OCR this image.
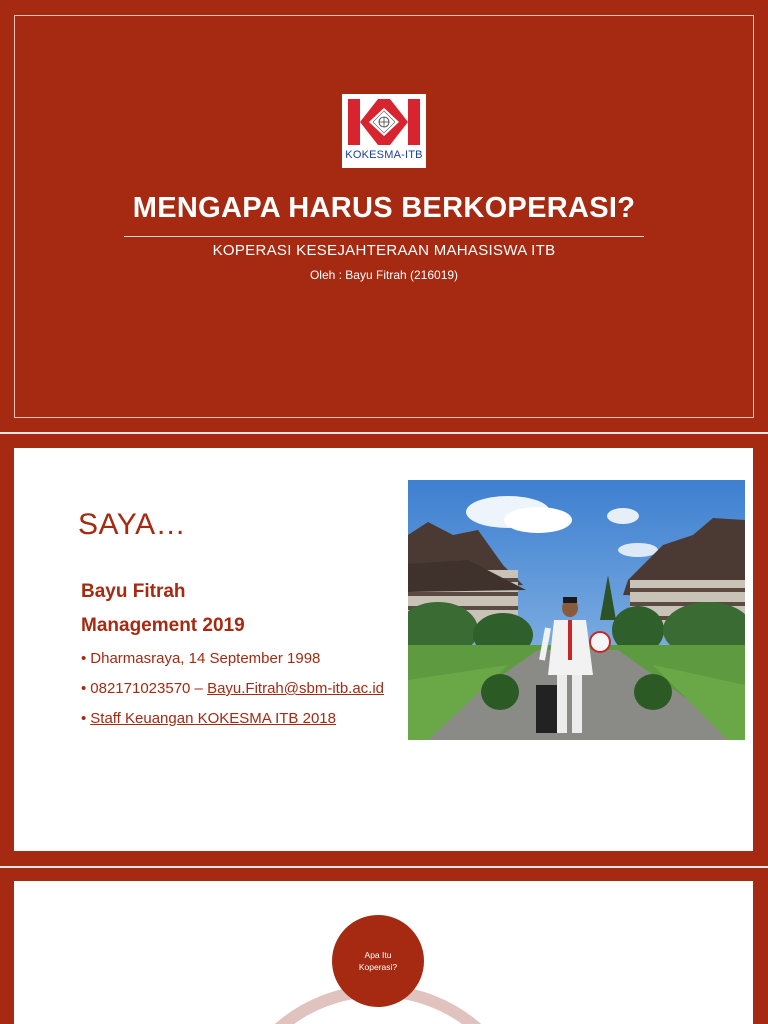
KOKESMA-ITB
MENGAPA HARUS BERKOPERASI?
KOPERASI KESEJAHTERAAN MAHASISWA ITB
Oleh : Bayu Fitrah (216019)
SAYA…
Bayu Fitrah
Management 2019
• Dharmasraya, 14 September 1998
• 082171023570 – Bayu.Fitrah@sbm-itb.ac.id
• Staff Keuangan KOKESMA ITB 2018
Apa Itu
Koperasi?
